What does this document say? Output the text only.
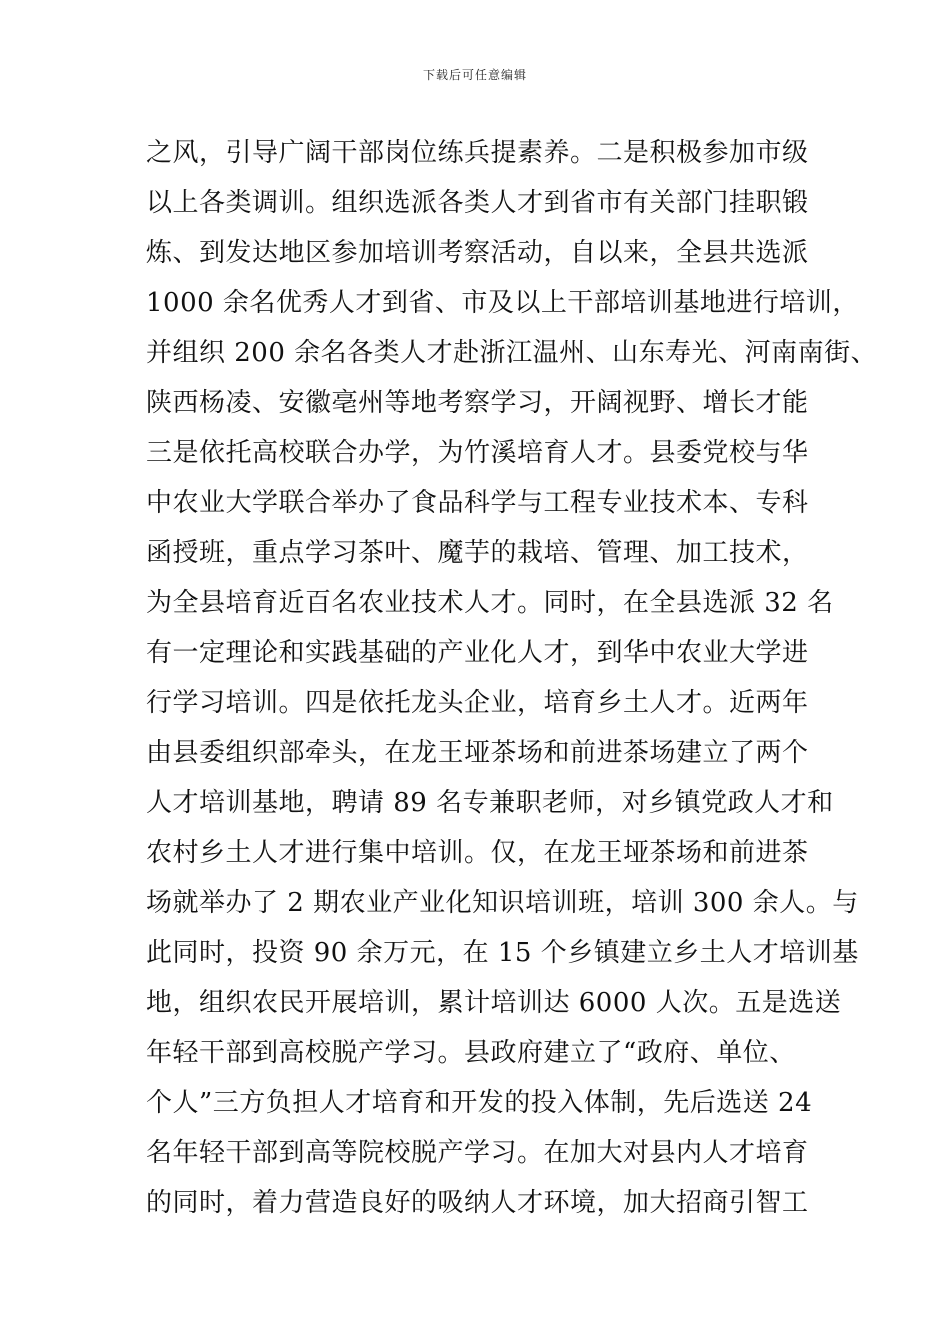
下载后可任意编辑
之风，引导广阔干部岗位练兵提素养。二是积极参加市级
以上各类调训。组织选派各类人才到省市有关部门挂职锻
炼、到发达地区参加培训考察活动，自以来，全县共选派
1000 余名优秀人才到省、市及以上干部培训基地进行培训，
并组织 200 余名各类人才赴浙江温州、山东寿光、河南南街、
陕西杨凌、安徽亳州等地考察学习，开阔视野、增长才能
三是依托高校联合办学，为竹溪培育人才。县委党校与华
中农业大学联合举办了食品科学与工程专业技术本、专科
函授班，重点学习茶叶、魔芋的栽培、管理、加工技术，
为全县培育近百名农业技术人才。同时，在全县选派 32 名
有一定理论和实践基础的产业化人才，到华中农业大学进
行学习培训。四是依托龙头企业，培育乡土人才。近两年
由县委组织部牵头，在龙王垭茶场和前进茶场建立了两个
人才培训基地，聘请 89 名专兼职老师，对乡镇党政人才和
农村乡土人才进行集中培训。仅，在龙王垭茶场和前进茶
场就举办了 2 期农业产业化知识培训班，培训 300 余人。与
此同时，投资 90 余万元，在 15 个乡镇建立乡土人才培训基
地，组织农民开展培训，累计培训达 6000 人次。五是选送
年轻干部到高校脱产学习。县政府建立了“政府、单位、
个人”三方负担人才培育和开发的投入体制，先后选送 24
名年轻干部到高等院校脱产学习。在加大对县内人才培育
的同时，着力营造良好的吸纳人才环境，加大招商引智工
